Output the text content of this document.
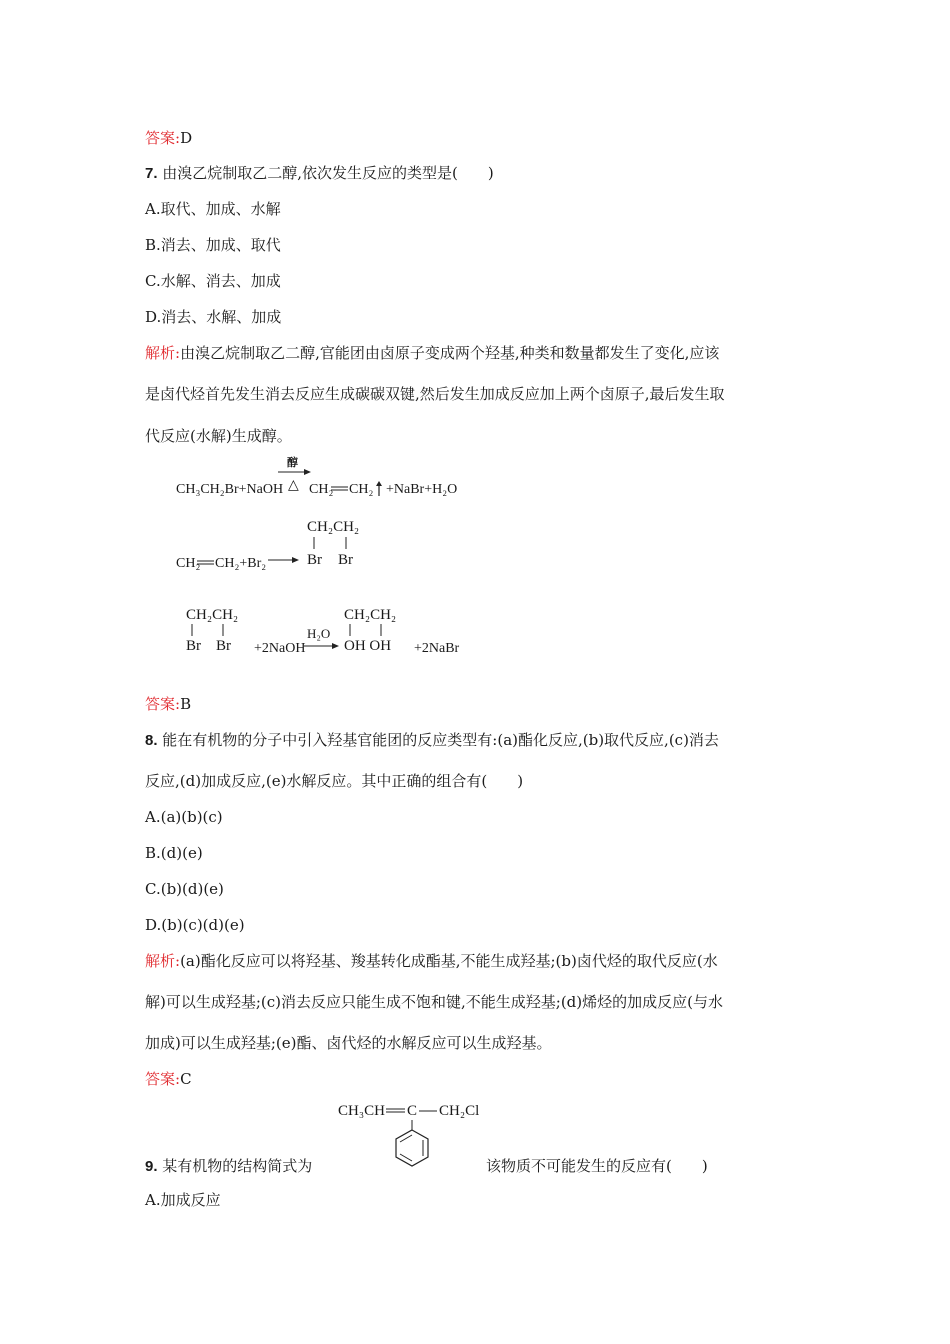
答案:D
7. 由溴乙烷制取乙二醇,依次发生反应的类型是(　　)
A.取代、加成、水解
B.消去、加成、取代
C.水解、消去、加成
D.消去、水解、加成
解析:由溴乙烷制取乙二醇,官能团由卤原子变成两个羟基,种类和数量都发生了变化,应该
是卤代烃首先发生消去反应生成碳碳双键,然后发生加成反应加上两个卤原子,最后发生取
代反应(水解)生成醇。
CH₃CH₂Br+NaOH
醇
△ CH₂ CH₂ +NaBr+H₂O
CH₂ CH₂+Br₂
CH₂CH₂
Br Br
CH₂CH₂
Br Br +2NaOH
H₂O
CH₂CH₂
OH OH +2NaBr
答案:B
8. 能在有机物的分子中引入羟基官能团的反应类型有:(a)酯化反应,(b)取代反应,(c)消去
反应,(d)加成反应,(e)水解反应。其中正确的组合有(　　)
A.(a)(b)(c)
B.(d)(e)
C.(b)(d)(e)
D.(b)(c)(d)(e)
解析:(a)酯化反应可以将羟基、羧基转化成酯基,不能生成羟基;(b)卤代烃的取代反应(水
解)可以生成羟基;(c)消去反应只能生成不饱和键,不能生成羟基;(d)烯烃的加成反应(与水
加成)可以生成羟基;(e)酯、卤代烃的水解反应可以生成羟基。
答案:C
CH₃CH C CH₂Cl
9. 某有机物的结构简式为	该物质不可能发生的反应有(　　)
A.加成反应
